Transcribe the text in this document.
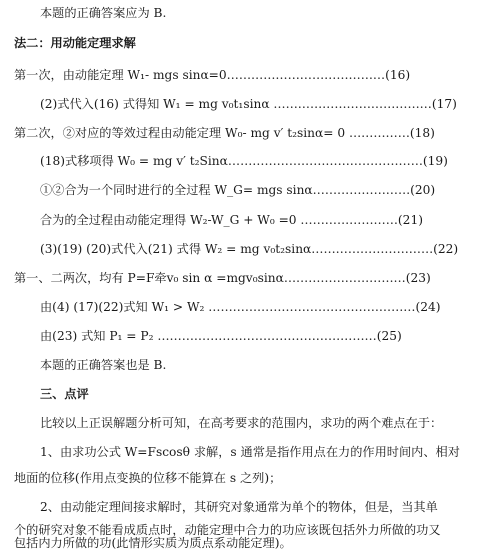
本题的正确答案应为 B.
法二：用动能定理求解
第一次，由动能定理 W₁- mgs sinα=0…………………………………(16)
(2)式代入(16) 式得知 W₁ = mg v₀t₁sinα …………………………………(17)
第二次，②对应的等效过程由动能定理 W₀- mg v′ t₂sinα= 0 ……………(18)
(18)式移项得 W₀ = mg v′ t₂Sinα…………………………………………(19)
①②合为一个同时进行的全过程 W_G= mgs sinα……………………(20)
合为的全过程由动能定理得 W₂-W_G + W₀ =0 ……………………(21)
(3)(19) (20)式代入(21) 式得 W₂ = mg v₀t₂sinα…………………………(22)
第一、二两次，均有 P=F牵v₀ sin α =mgv₀sinα…………………………(23)
由(4) (17)(22)式知 W₁ > W₂ ……………………………………………(24)
由(23) 式知 P₁ = P₂ ………………………………………………(25)
本题的正确答案也是 B.
三、点评
比较以上正误解题分析可知，在高考要求的范围内，求功的两个难点在于：
1、由求功公式 W=Fscosθ 求解，s 通常是指作用点在力的作用时间内、相对
地面的位移(作用点变换的位移不能算在 s 之列)；
2、由动能定理间接求解时，其研究对象通常为单个的物体，但是，当其单
个的研究对象不能看成质点时，动能定理中合力的功应该既包括外力所做的功又
包括内力所做的功(此情形实质为质点系动能定理)。
